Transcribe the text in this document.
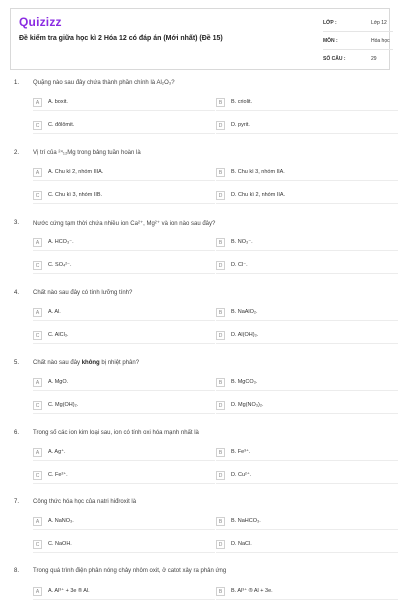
Quizizz
Đề kiểm tra giữa học kì 2 Hóa 12 có đáp án (Mới nhất) (Đề 15)
LỚP :	Lớp 12
MÔN :	Hóa học
SỐ CÂU :	29
1. Quặng nào sau đây chứa thành phần chính là Al₂O₃?
A	A. boxit.	B	B. criolit.
C	C. đôlômit.	D	D. pyrit.
2. Vị trí của ²⁴₁₂Mg trong bảng tuần hoàn là
A	A. Chu kì 2, nhóm IIIA.	B	B. Chu kì 3, nhóm IIA.
C	C. Chu kì 3, nhóm IIB.	D	D. Chu kì 2, nhóm IIA.
3. Nước cứng tạm thời chứa nhiều ion Ca²⁺, Mg²⁺ và ion nào sau đây?
A	A. HCO₃⁻.	B	B. NO₃⁻.
C	C. SO₄²⁻.	D	D. Cl⁻.
4. Chất nào sau đây có tính lưỡng tính?
A	A. Al.	B	B. NaAlO₂.
C	C. AlCl₃.	D	D. Al(OH)₃.
5. Chất nào sau đây không bị nhiệt phân?
A	A. MgO.	B	B. MgCO₃.
C	C. Mg(OH)₂.	D	D. Mg(NO₃)₂.
6. Trong số các ion kim loại sau, ion có tính oxi hóa mạnh nhất là
A	A. Ag⁺.	B	B. Fe³⁺.
C	C. Fe²⁺.	D	D. Cu²⁺.
7. Công thức hóa học của natri hiđroxit là
A	A. NaNO₃.	B	B. NaHCO₃.
C	C. NaOH.	D	D. NaCl.
8. Trong quá trình điện phân nóng chảy nhôm oxit, ở catot xảy ra phản ứng
A	A. Al³⁺ + 3e ® Al.	B	B. Al³⁺ ® Al + 3e.
